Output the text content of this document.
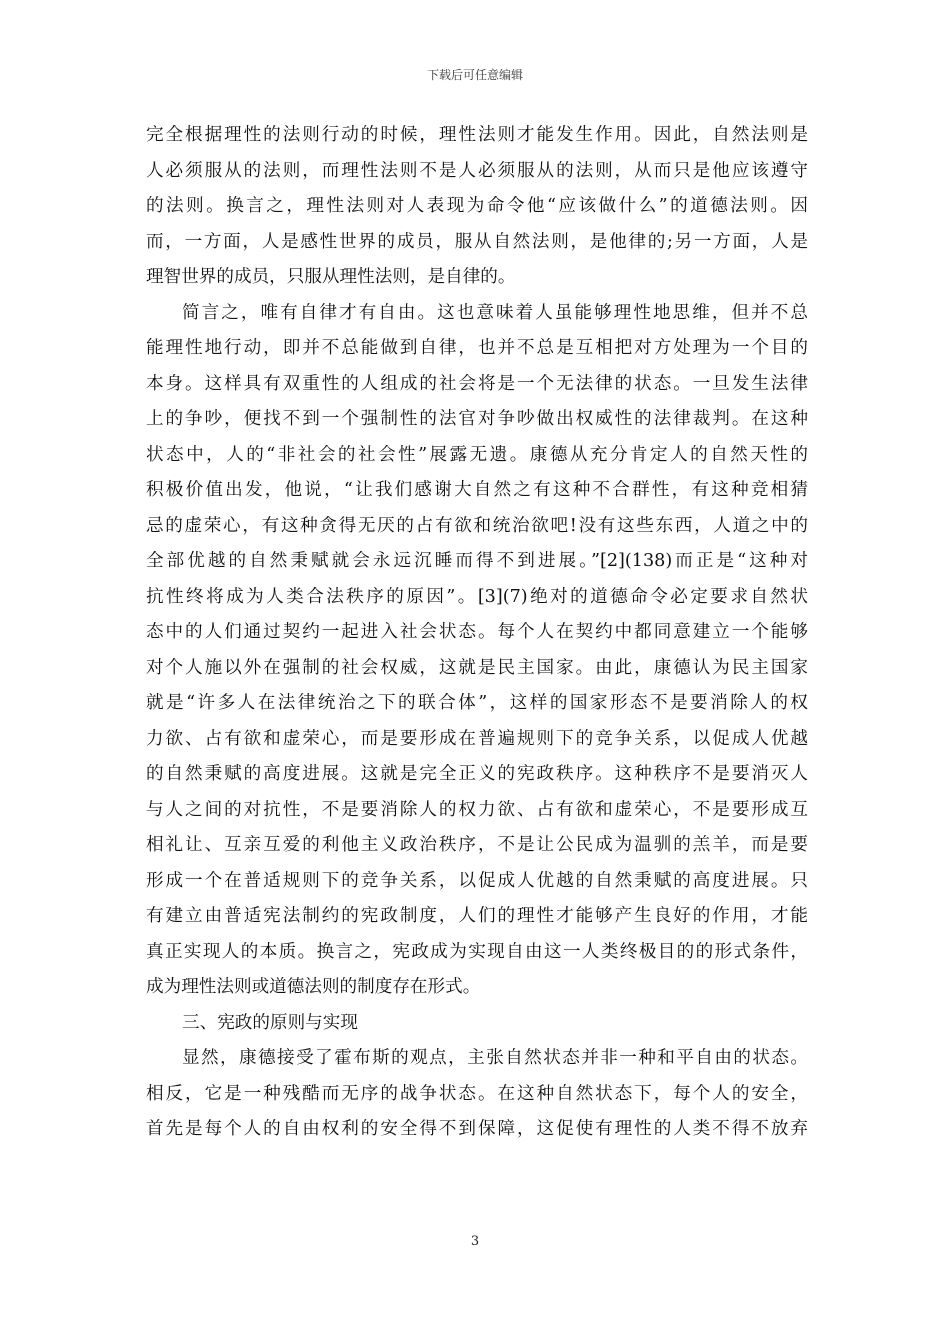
下载后可任意编辑
完全根据理性的法则行动的时候，理性法则才能发生作用。因此，自然法则是
人必须服从的法则，而理性法则不是人必须服从的法则，从而只是他应该遵守
的法则。换言之，理性法则对人表现为命令他“应该做什么”的道德法则。因
而，一方面，人是感性世界的成员，服从自然法则，是他律的;另一方面，人是
理智世界的成员，只服从理性法则，是自律的。
简言之，唯有自律才有自由。这也意味着人虽能够理性地思维，但并不总
能理性地行动，即并不总能做到自律，也并不总是互相把对方处理为一个目的
本身。这样具有双重性的人组成的社会将是一个无法律的状态。一旦发生法律
上的争吵，便找不到一个强制性的法官对争吵做出权威性的法律裁判。在这种
状态中，人的“非社会的社会性”展露无遗。康德从充分肯定人的自然天性的
积极价值出发，他说，“让我们感谢大自然之有这种不合群性，有这种竞相猜
忌的虚荣心，有这种贪得无厌的占有欲和统治欲吧!没有这些东西，人道之中的
全部优越的自然秉赋就会永远沉睡而得不到进展。”[2](138)而正是“这种对
抗性终将成为人类合法秩序的原因”。[3](7)绝对的道德命令必定要求自然状
态中的人们通过契约一起进入社会状态。每个人在契约中都同意建立一个能够
对个人施以外在强制的社会权威，这就是民主国家。由此，康德认为民主国家
就是“许多人在法律统治之下的联合体”，这样的国家形态不是要消除人的权
力欲、占有欲和虚荣心，而是要形成在普遍规则下的竞争关系，以促成人优越
的自然秉赋的高度进展。这就是完全正义的宪政秩序。这种秩序不是要消灭人
与人之间的对抗性，不是要消除人的权力欲、占有欲和虚荣心，不是要形成互
相礼让、互亲互爱的利他主义政治秩序，不是让公民成为温驯的羔羊，而是要
形成一个在普适规则下的竞争关系，以促成人优越的自然秉赋的高度进展。只
有建立由普适宪法制约的宪政制度，人们的理性才能够产生良好的作用，才能
真正实现人的本质。换言之，宪政成为实现自由这一人类终极目的的形式条件，
成为理性法则或道德法则的制度存在形式。
三、宪政的原则与实现
显然，康德接受了霍布斯的观点，主张自然状态并非一种和平自由的状态。
相反，它是一种残酷而无序的战争状态。在这种自然状态下，每个人的安全，
首先是每个人的自由权利的安全得不到保障，这促使有理性的人类不得不放弃
3
